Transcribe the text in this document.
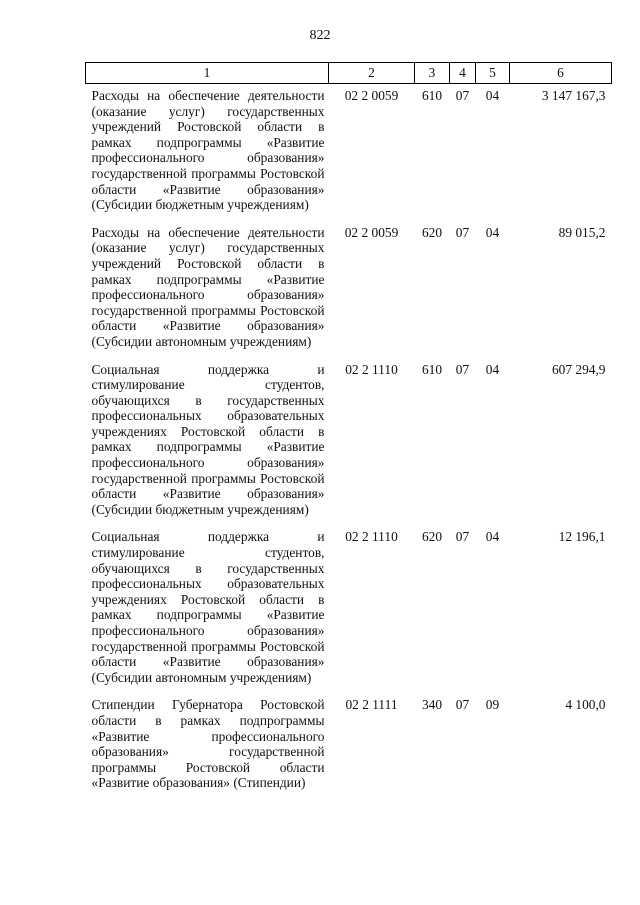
822
1	2	3	4	5	6
Расходы на обеспечение деятельности (оказание услуг) государственных учреждений Ростовской области в рамках подпрограммы «Развитие профессионального образования» государственной программы Ростовской области «Развитие образования» (Субсидии бюджетным учреждениям)	02 2 0059	610	07	04	3 147 167,3
Расходы на обеспечение деятельности (оказание услуг) государственных учреждений Ростовской области в рамках подпрограммы «Развитие профессионального образования» государственной программы Ростовской области «Развитие образования» (Субсидии автономным учреждениям)	02 2 0059	620	07	04	89 015,2
Социальная поддержка и стимулирование студентов, обучающихся в государственных профессиональных образовательных учреждениях Ростовской области в рамках подпрограммы «Развитие профессионального образования» государственной программы Ростовской области «Развитие образования» (Субсидии бюджетным учреждениям)	02 2 1110	610	07	04	607 294,9
Социальная поддержка и стимулирование студентов, обучающихся в государственных профессиональных образовательных учреждениях Ростовской области в рамках подпрограммы «Развитие профессионального образования» государственной программы Ростовской области «Развитие образования» (Субсидии автономным учреждениям)	02 2 1110	620	07	04	12 196,1
Стипендии Губернатора Ростовской области в рамках подпрограммы «Развитие профессионального образования» государственной программы Ростовской области «Развитие образования» (Стипендии)	02 2 1111	340	07	09	4 100,0
